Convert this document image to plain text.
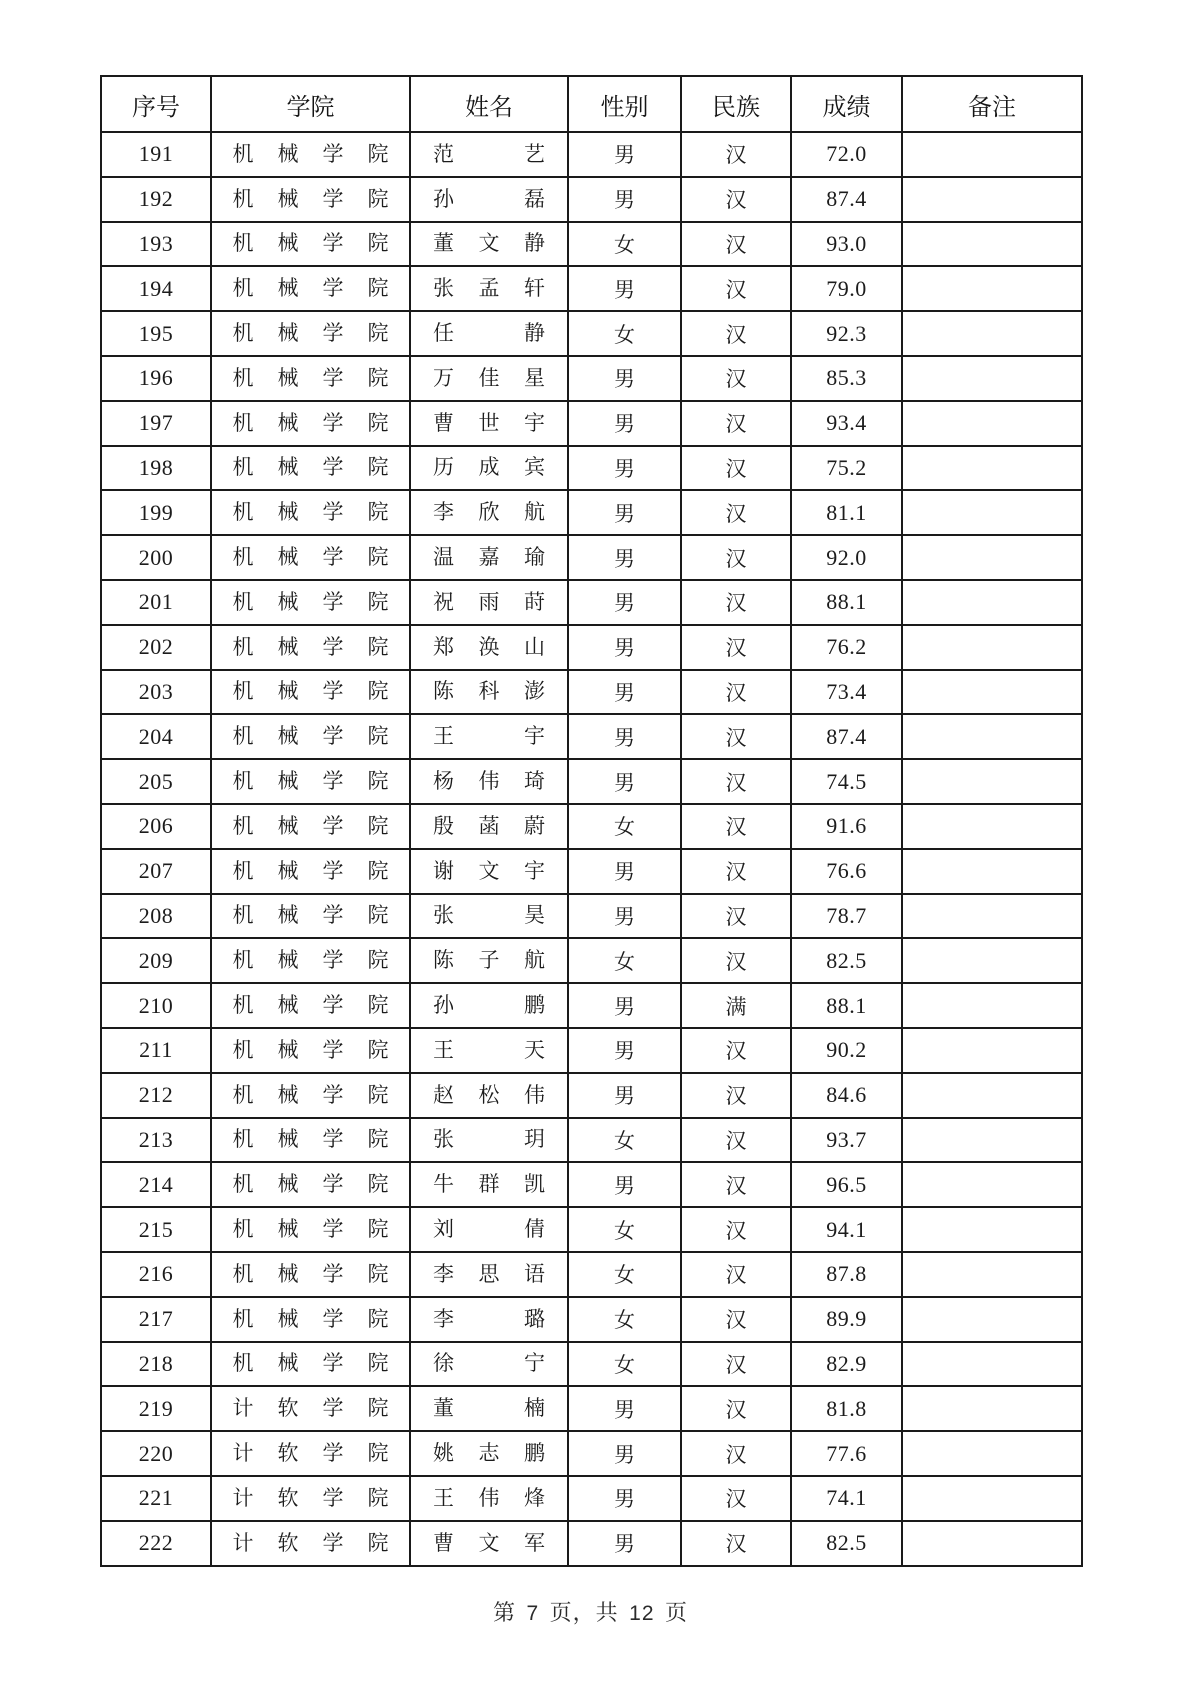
序号	学院	姓名	性别	民族	成绩	备注
191	机械学院	范艺	男	汉	72.0	
192	机械学院	孙磊	男	汉	87.4	
193	机械学院	董文静	女	汉	93.0	
194	机械学院	张孟轩	男	汉	79.0	
195	机械学院	任静	女	汉	92.3	
196	机械学院	万佳星	男	汉	85.3	
197	机械学院	曹世宇	男	汉	93.4	
198	机械学院	历成宾	男	汉	75.2	
199	机械学院	李欣航	男	汉	81.1	
200	机械学院	温嘉瑜	男	汉	92.0	
201	机械学院	祝雨莳	男	汉	88.1	
202	机械学院	郑涣山	男	汉	76.2	
203	机械学院	陈科澎	男	汉	73.4	
204	机械学院	王宇	男	汉	87.4	
205	机械学院	杨伟琦	男	汉	74.5	
206	机械学院	殷菡蔚	女	汉	91.6	
207	机械学院	谢文宇	男	汉	76.6	
208	机械学院	张昊	男	汉	78.7	
209	机械学院	陈子航	女	汉	82.5	
210	机械学院	孙鹏	男	满	88.1	
211	机械学院	王天	男	汉	90.2	
212	机械学院	赵松伟	男	汉	84.6	
213	机械学院	张玥	女	汉	93.7	
214	机械学院	牛群凯	男	汉	96.5	
215	机械学院	刘倩	女	汉	94.1	
216	机械学院	李思语	女	汉	87.8	
217	机械学院	李璐	女	汉	89.9	
218	机械学院	徐宁	女	汉	82.9	
219	计软学院	董楠	男	汉	81.8	
220	计软学院	姚志鹏	男	汉	77.6	
221	计软学院	王伟烽	男	汉	74.1	
222	计软学院	曹文军	男	汉	82.5	
第 7 页，共 12 页
